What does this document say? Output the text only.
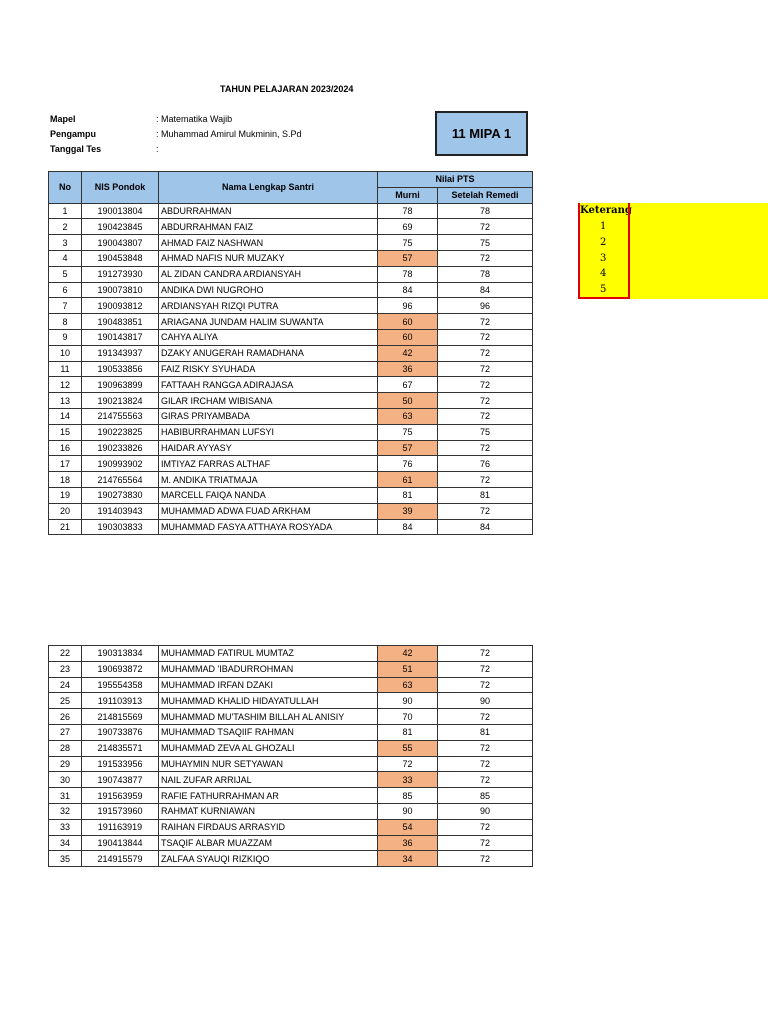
TAHUN PELAJARAN 2023/2024
Mapel	: Matematika Wajib
Pengampu	: Muhammad Amirul Mukminin, S.Pd
Tanggal Tes	:
11 MIPA 1
No	NIS Pondok	Nama Lengkap Santri	Nilai PTS	
			Murni	Setelah Remedi
1	190013804	ABDURRAHMAN	78	78
2	190423845	ABDURRAHMAN FAIZ	69	72
3	190043807	AHMAD FAIZ NASHWAN	75	75
4	190453848	AHMAD NAFIS NUR MUZAKY	57	72
5	191273930	AL ZIDAN CANDRA ARDIANSYAH	78	78
6	190073810	ANDIKA DWI NUGROHO	84	84
7	190093812	ARDIANSYAH RIZQI PUTRA	96	96
8	190483851	ARIAGANA JUNDAM HALIM SUWANTA	60	72
9	190143817	CAHYA ALIYA	60	72
10	191343937	DZAKY ANUGERAH RAMADHANA	42	72
11	190533856	FAIZ RISKY SYUHADA	36	72
12	190963899	FATTAAH RANGGA ADIRAJASA	67	72
13	190213824	GILAR IRCHAM WIBISANA	50	72
14	214755563	GIRAS PRIYAMBADA	63	72
15	190223825	HABIBURRAHMAN LUFSYI	75	75
16	190233826	HAIDAR AYYASY	57	72
17	190993902	IMTIYAZ FARRAS ALTHAF	76	76
18	214765564	M. ANDIKA TRIATMAJA	61	72
19	190273830	MARCELL FAIQA NANDA	81	81
20	191403943	MUHAMMAD ADWA FUAD ARKHAM	39	72
21	190303833	MUHAMMAD FASYA ATTHAYA ROSYADA	84	84
22	190313834	MUHAMMAD FATIRUL MUMTAZ	42	72
23	190693872	MUHAMMAD 'IBADURROHMAN	51	72
24	195554358	MUHAMMAD IRFAN DZAKI	63	72
25	191103913	MUHAMMAD KHALID HIDAYATULLAH	90	90
26	214815569	MUHAMMAD MU'TASHIM BILLAH AL ANISIY	70	72
27	190733876	MUHAMMAD TSAQIIF RAHMAN	81	81
28	214835571	MUHAMMAD ZEVA AL GHOZALI	55	72
29	191533956	MUHAYMIN NUR SETYAWAN	72	72
30	190743877	NAIL ZUFAR ARRIJAL	33	72
31	191563959	RAFIE FATHURRAHMAN AR	85	85
32	191573960	RAHMAT KURNIAWAN	90	90
33	191163919	RAIHAN FIRDAUS ARRASYID	54	72
34	190413844	TSAQIF ALBAR MUAZZAM	36	72
35	214915579	ZALFAA SYAUQI RIZKIQO	34	72
Keterang
1
2
3
4
5
